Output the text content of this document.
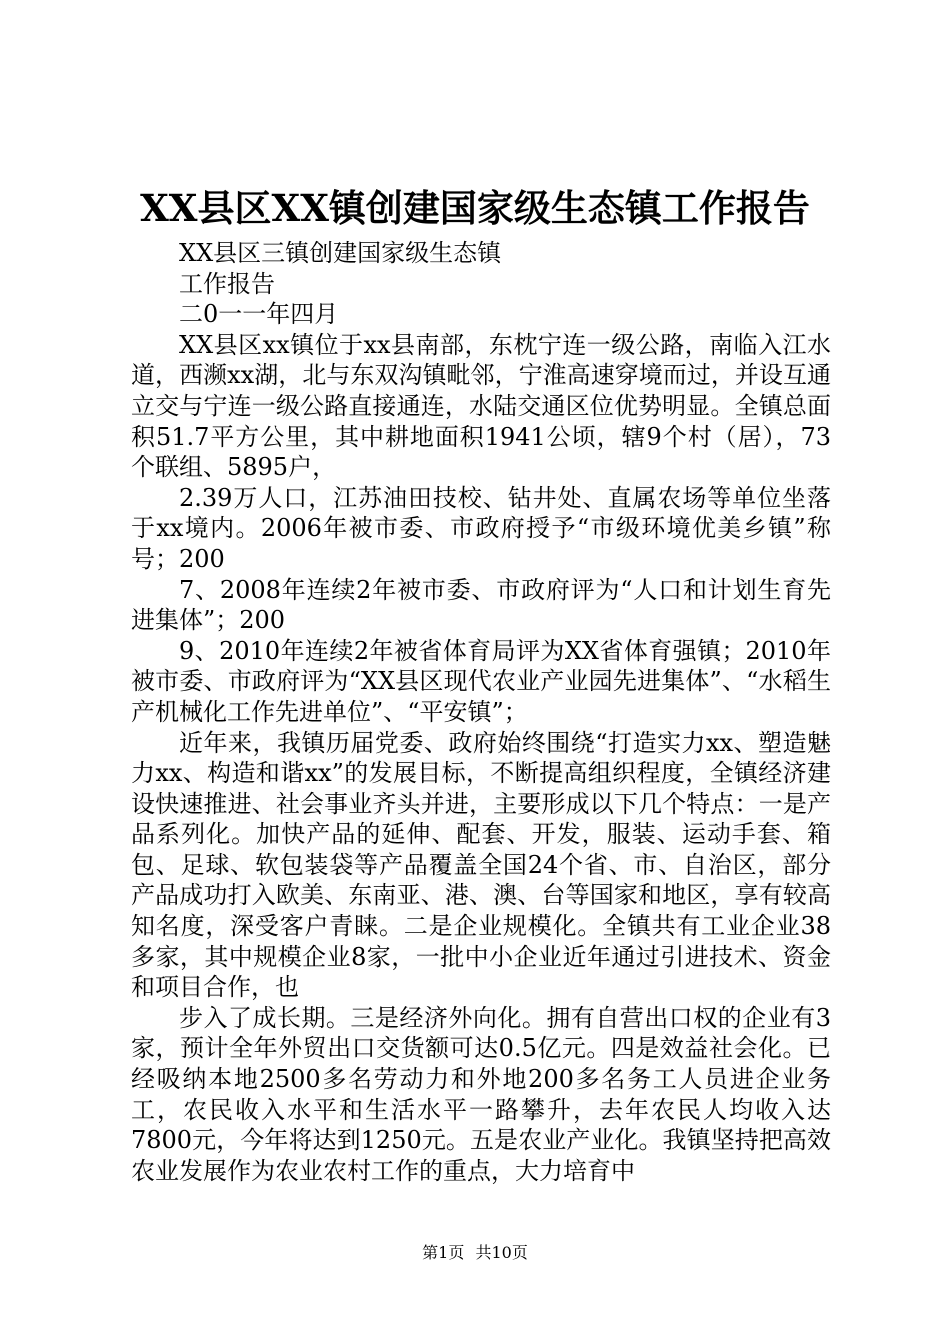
XX县区XX镇创建国家级生态镇工作报告

XX县区三镇创建国家级生态镇

工作报告

二0一一年四月

XX县区xx镇位于xx县南部，东枕宁连一级公路，南临入江水道，西濒xx湖，北与东双沟镇毗邻，宁淮高速穿境而过，并设互通立交与宁连一级公路直接通连，水陆交通区位优势明显。全镇总面积51.7平方公里，其中耕地面积1941公顷，辖9个村（居），73个联组、5895户，

2.39万人口，江苏油田技校、钻井处、直属农场等单位坐落于xx境内。2006年被市委、市政府授予“市级环境优美乡镇”称号；200

7、2008年连续2年被市委、市政府评为“人口和计划生育先进集体”；200

9、2010年连续2年被省体育局评为XX省体育强镇；2010年被市委、市政府评为“XX县区现代农业产业园先进集体”、“水稻生产机械化工作先进单位”、“平安镇”；

近年来，我镇历届党委、政府始终围绕“打造实力xx、塑造魅力xx、构造和谐xx”的发展目标，不断提高组织程度，全镇经济建设快速推进、社会事业齐头并进，主要形成以下几个特点：一是产品系列化。加快产品的延伸、配套、开发，服装、运动手套、箱包、足球、软包装袋等产品覆盖全国24个省、市、自治区，部分产品成功打入欧美、东南亚、港、澳、台等国家和地区，享有较高知名度，深受客户青睐。二是企业规模化。全镇共有工业企业38多家，其中规模企业8家，一批中小企业近年通过引进技术、资金和项目合作，也

步入了成长期。三是经济外向化。拥有自营出口权的企业有3家，预计全年外贸出口交货额可达0.5亿元。四是效益社会化。已经吸纳本地2500多名劳动力和外地200多名务工人员进企业务工，农民收入水平和生活水平一路攀升，去年农民人均收入达7800元，今年将达到1250元。五是农业产业化。我镇坚持把高效农业发展作为农业农村工作的重点，大力培育中

第1页 共10页
